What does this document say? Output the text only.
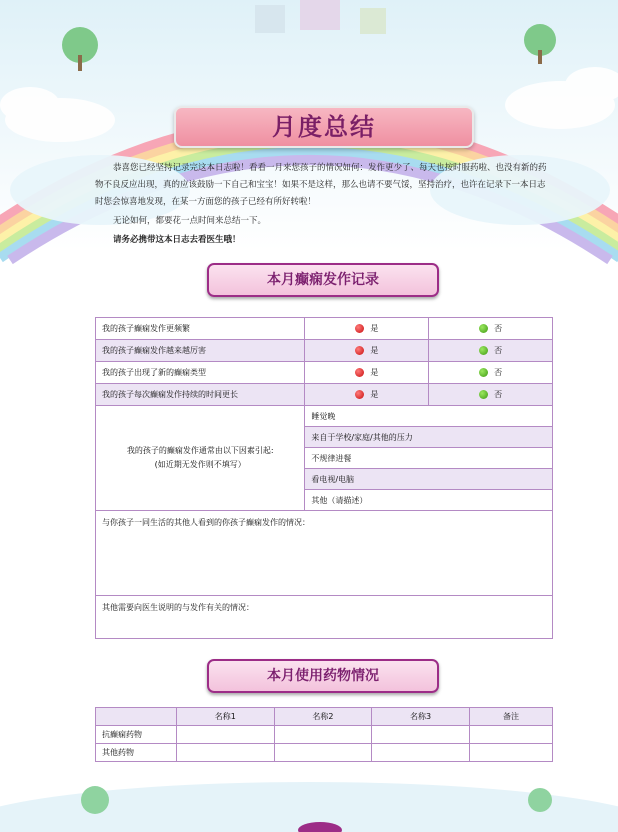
月度总结

恭喜您已经坚持记录完这本日志啦！看看一月来您孩子的情况如何：发作更少了、每天也按时服药啦、也没有新的药物不良反应出现，真的应该鼓励一下自己和宝宝！如果不是这样，那么也请不要气馁，坚持治疗，也许在记录下一本日志时您会惊喜地发现，在某一方面您的孩子已经有所好转啦！

无论如何，都要花一点时间来总结一下。

请务必携带这本日志去看医生哦！

本月癫痫发作记录
我的孩子癫痫发作更频繁	是	否
我的孩子癫痫发作越来越厉害	是	否
我的孩子出现了新的癫痫类型	是	否
我的孩子每次癫痫发作持续的时间更长	是	否

我的孩子的癫痫发作通常由以下因素引起:
(如近期无发作则不填写）	睡觉晚	
	来自于学校/家庭/其他的压力	
	不规律进餐	
	看电视/电脑	
	其他（请描述）	
与你孩子一同生活的其他人看到的你孩子癫痫发作的情况：		
其他需要向医生说明的与发作有关的情况：		
本月使用药物情况
	名称1	名称2	名称3	备注
抗癫痫药物				
其他药物				
